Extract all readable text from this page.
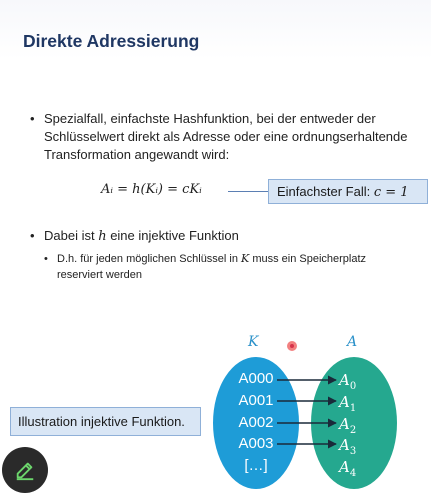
Direkte Adressierung
• Spezialfall, einfachste Hashfunktion, bei der entweder der
Schlüsselwert direkt als Adresse oder eine ordnungserhaltende
Transformation angewandt wird:
Aᵢ = h(Kᵢ) = cKᵢ	Einfachster Fall: c = 1
• Dabei ist h eine injektive Funktion
• D.h. für jeden möglichen Schlüssel in K muss ein Speicherplatz
reserviert werden
K	A
A000
A001
A002
A003
[…]
$A_0$
$A_1$
$A_2$
$A_3$
$A_4$
Illustration injektive Funktion.
